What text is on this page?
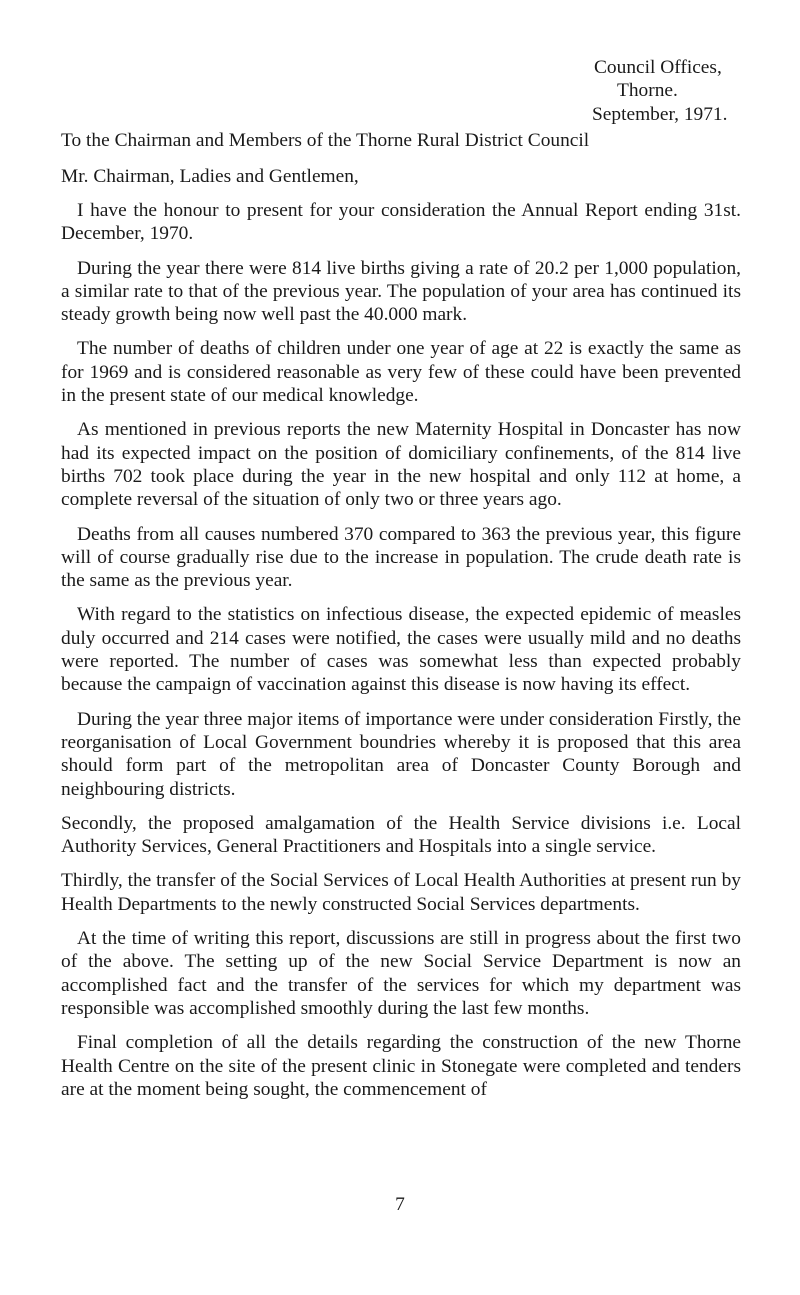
Council Offices,
Thorne.
September, 1971.
To the Chairman and Members of the Thorne Rural District Council
Mr. Chairman, Ladies and Gentlemen,

I have the honour to present for your consideration the Annual Report ending 31st. December, 1970.

During the year there were 814 live births giving a rate of 20.2 per 1,000 population, a similar rate to that of the previous year. The population of your area has continued its steady growth being now well past the 40.000 mark.

The number of deaths of children under one year of age at 22 is exactly the same as for 1969 and is considered reasonable as very few of these could have been prevented in the present state of our medical knowledge.

As mentioned in previous reports the new Maternity Hospital in Doncaster has now had its expected impact on the position of domiciliary confinements, of the 814 live births 702 took place during the year in the new hospital and only 112 at home, a complete reversal of the situation of only two or three years ago.

Deaths from all causes numbered 370 compared to 363 the previous year, this figure will of course gradually rise due to the increase in population. The crude death rate is the same as the previous year.

With regard to the statistics on infectious disease, the expected epidemic of measles duly occurred and 214 cases were notified, the cases were usually mild and no deaths were reported. The number of cases was somewhat less than expected probably because the campaign of vaccination against this disease is now having its effect.

During the year three major items of importance were under consideration Firstly, the reorganisation of Local Government boundries whereby it is proposed that this area should form part of the metropolitan area of Doncaster County Borough and neighbouring districts.

Secondly, the proposed amalgamation of the Health Service divisions i.e. Local Authority Services, General Practitioners and Hospitals into a single service.

Thirdly, the transfer of the Social Services of Local Health Authorities at present run by Health Departments to the newly constructed Social Services departments.

At the time of writing this report, discussions are still in progress about the first two of the above. The setting up of the new Social Service Department is now an accomplished fact and the transfer of the services for which my department was responsible was accomplished smoothly during the last few months.

Final completion of all the details regarding the construction of the new Thorne Health Centre on the site of the present clinic in Stonegate were completed and tenders are at the moment being sought, the commencement of

7
